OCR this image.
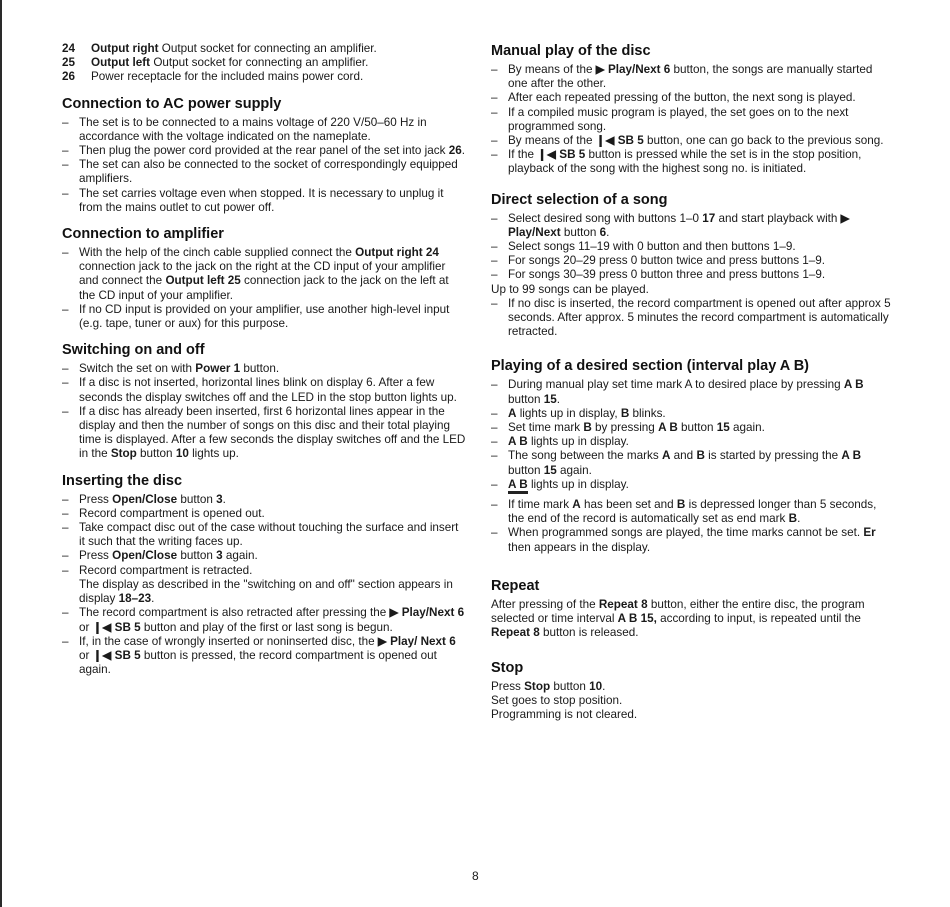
24	Output right Output socket for connecting an amplifier.
25	Output left Output socket for connecting an amplifier.
26	Power receptacle for the included mains power cord.
Connection to AC power supply
– The set is to be connected to a mains voltage of 220 V/50–60 Hz in accordance with the voltage indicated on the nameplate.
– Then plug the power cord provided at the rear panel of the set into jack 26.
– The set can also be connected to the socket of correspondingly equipped amplifiers.
– The set carries voltage even when stopped. It is necessary to unplug it from the mains outlet to cut power off.
Connection to amplifier
– With the help of the cinch cable supplied connect the Output right 24 connection jack to the jack on the right at the CD input of your amplifier and connect the Output left 25 connection jack to the jack on the left at the CD input of your amplifier.
– If no CD input is provided on your amplifier, use another high-level input (e.g. tape, tuner or aux) for this purpose.
Switching on and off
– Switch the set on with Power 1 button.
– If a disc is not inserted, horizontal lines blink on display 6. After a few seconds the display switches off and the LED in the stop button lights up.
– If a disc has already been inserted, first 6 horizontal lines appear in the display and then the number of songs on this disc and their total playing time is displayed. After a few seconds the display switches off and the LED in the Stop button 10 lights up.
Inserting the disc
– Press Open/Close button 3.
– Record compartment is opened out.
– Take compact disc out of the case without touching the surface and insert it such that the writing faces up.
– Press Open/Close button 3 again.
– Record compartment is retracted.
The display as described in the "switching on and off" section appears in display 18–23.
– The record compartment is also retracted after pressing the ▶ Play/Next 6 or ❙◀ SB 5 button and play of the first or last song is begun.
– If, in the case of wrongly inserted or noninserted disc, the ▶ Play/ Next 6 or ❙◀ SB 5 button is pressed, the record compartment is opened out again.
Manual play of the disc
– By means of the ▶ Play/Next 6 button, the songs are manually started one after the other.
– After each repeated pressing of the button, the next song is played.
– If a compiled music program is played, the set goes on to the next programmed song.
– By means of the ❙◀ SB 5 button, one can go back to the previous song.
– If the ❙◀ SB 5 button is pressed while the set is in the stop position, playback of the song with the highest song no. is initiated.
Direct selection of a song
– Select desired song with buttons 1–0 17 and start playback with ▶ Play/Next button 6.
– Select songs 11–19 with 0 button and then buttons 1–9.
– For songs 20–29 press 0 button twice and press buttons 1–9.
– For songs 30–39 press 0 button three and press buttons 1–9.

Up to 99 songs can be played.

– If no disc is inserted, the record compartment is opened out after approx 5 seconds. After approx. 5 minutes the record compartment is automatically retracted.
Playing of a desired section (interval play A B)
– During manual play set time mark A to desired place by pressing A B button 15.
– A lights up in display, B blinks.
– Set time mark B by pressing A B button 15 again.
– A B lights up in display.
– The song between the marks A and B is started by pressing the A B button 15 again.
– A B lights up in display.
– If time mark A has been set and B is depressed longer than 5 seconds, the end of the record is automatically set as end mark B.
– When programmed songs are played, the time marks cannot be set. Er then appears in the display.
Repeat

After pressing of the Repeat 8 button, either the entire disc, the program selected or time interval A B 15, according to input, is repeated until the Repeat 8 button is released.

Stop

Press Stop button 10.

Set goes to stop position.

Programming is not cleared.

8
